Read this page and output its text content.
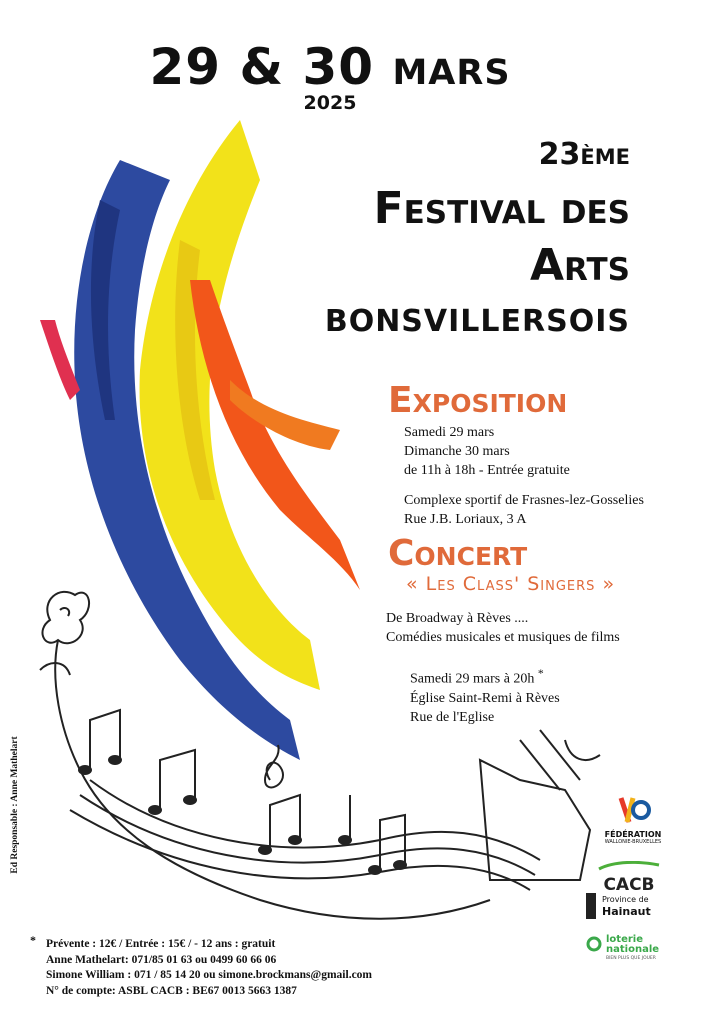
29 & 30 mars
2025
23ème
Festival des
Arts
BONSVILLERSOIS
Exposition
Samedi 29 mars
Dimanche 30 mars
de 11h à 18h - Entrée gratuite
Complexe sportif de Frasnes-lez-Gosselies
Rue J.B. Loriaux, 3 A
Concert
« Les Class' Singers »
De Broadway à Rèves ....
Comédies musicales et musiques de films
Samedi 29 mars à 20h *
Église Saint-Remi à Rèves
Rue de l'Eglise
* Prévente : 12€ / Entrée : 15€ / - 12 ans : gratuit
Anne Mathelart: 071/85 01 63 ou 0499 60 66 06
Simone William : 071 / 85 14 20 ou simone.brockmans@gmail.com
N° de compte: ASBL CACB : BE67 0013 5663 1387
Ed Responsable : Anne Mathelart	FÉDÉRATION
WALLONIE-BRUXELLES
CACB
Province de
Hainaut
loterie
nationale
BIEN PLUS QUE JOUER
